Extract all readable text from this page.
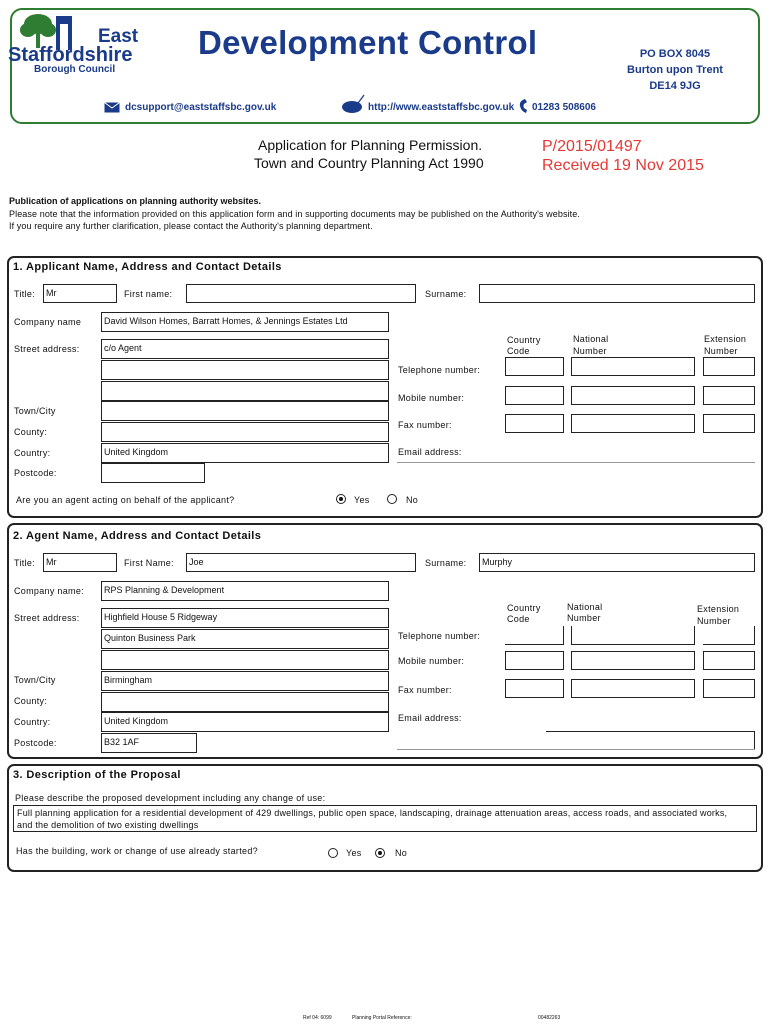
East
Staffordshire
Borough Council
Development Control	PO BOX 8045
Burton upon Trent
DE14 9JG
dcsupport@eaststaffsbc.gov.uk	http://www.eaststaffsbc.gov.uk 01283 508606
Application for Planning Permission.
Town and Country Planning Act 1990
P/2015/01497
Received 19 Nov 2015
Publication of applications on planning authority websites.
Please note that the information provided on this application form and in supporting documents may be published on the Authority's website.
If you require any further clarification, please contact the Authority's planning department.
1. Applicant Name, Address and Contact Details
Title:	Mr	First name:	Surname:
Company name	David Wilson Homes, Barratt Homes, & Jennings Estates Ltd
Street address:	c/o Agent
Town/City
County:
Country:	United Kingdom
Postcode:
Country
Code
National
Number
Extension
Number
Telephone number:
Mobile number:
Fax number:
Email address:
Are you an agent acting on behalf of the applicant?	Yes	No
2. Agent Name, Address and Contact Details
Title:	Mr	First Name:	Joe	Surname:	Murphy
Company name:	RPS Planning & Development
Street address:	Highfield House 5 Ridgeway
Quinton Business Park
Town/City	Birmingham
County:
Country:	United Kingdom
Postcode:	B32 1AF
Country
Code
National
Number
Extension
Number
Telephone number:
Mobile number:
Fax number:
Email address:
3. Description of the Proposal
Please describe the proposed development including any change of use:
Full planning application for a residential development of 429 dwellings, public open space, landscaping, drainage attenuation areas, access roads, and associated works,
and the demolition of two existing dwellings
Has the building, work or change of use already started?	Yes	No
Ref 04: 6099	Planning Portal Reference:	00482263
